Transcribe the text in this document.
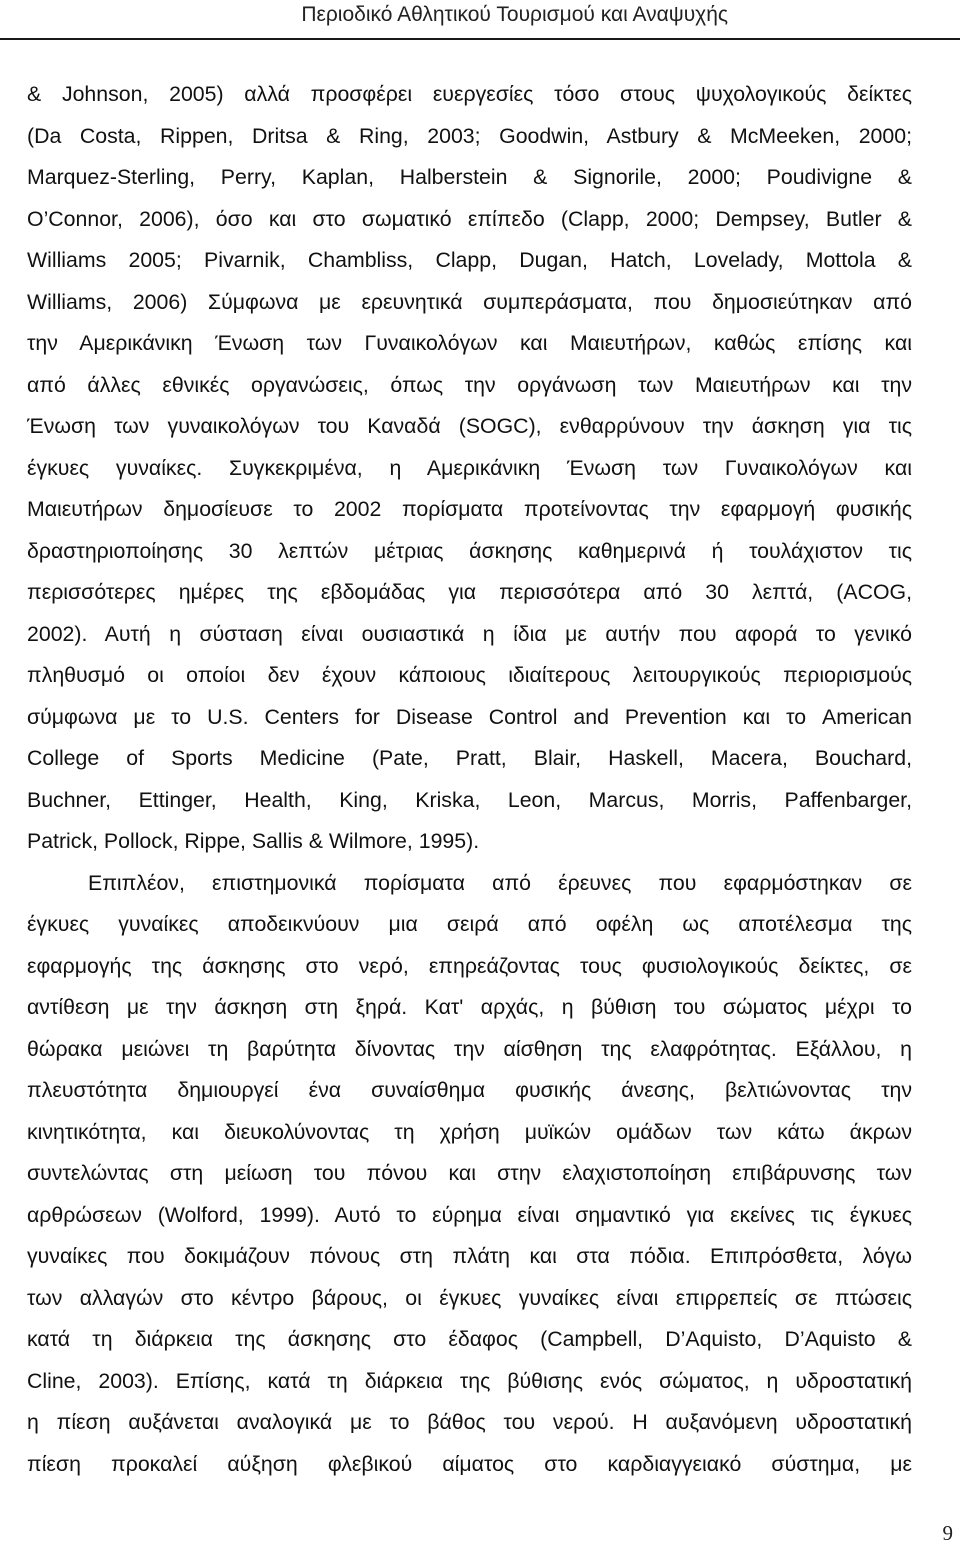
Περιοδικό Αθλητικού Τουρισμού και Αναψυχής
& Johnson, 2005) αλλά προσφέρει ευεργεσίες τόσο στους ψυχολογικούς δείκτες
(Da Costa, Rippen, Dritsa & Ring, 2003; Goodwin, Astbury & McMeeken, 2000;
Marquez-Sterling, Perry, Kaplan, Halberstein & Signorile, 2000; Poudivigne &
O’Connor, 2006), όσο και στο σωματικό επίπεδο (Clapp, 2000; Dempsey, Butler &
Williams 2005; Pivarnik, Chambliss, Clapp, Dugan, Hatch, Lovelady, Mottola &
Williams, 2006) Σύμφωνα με ερευνητικά συμπεράσματα, που δημοσιεύτηκαν από
την Αμερικάνικη Ένωση των Γυναικολόγων και Μαιευτήρων, καθώς επίσης και
από άλλες εθνικές οργανώσεις, όπως την οργάνωση των Μαιευτήρων και την
Ένωση των γυναικολόγων του Καναδά (SOGC), ενθαρρύνουν την άσκηση για τις
έγκυες γυναίκες. Συγκεκριμένα, η Αμερικάνικη Ένωση των Γυναικολόγων και
Μαιευτήρων δημοσίευσε το 2002 πορίσματα προτείνοντας την εφαρμογή φυσικής
δραστηριοποίησης 30 λεπτών μέτριας άσκησης καθημερινά ή τουλάχιστον τις
περισσότερες ημέρες της εβδομάδας για περισσότερα από 30 λεπτά, (ACOG,
2002). Αυτή η σύσταση είναι ουσιαστικά η ίδια με αυτήν που αφορά το γενικό
πληθυσμό οι οποίοι δεν έχουν κάποιους ιδιαίτερους λειτουργικούς περιορισμούς
σύμφωνα με το U.S. Centers for Disease Control and Prevention και το American
College of Sports Medicine (Pate, Pratt, Blair, Haskell, Macera, Bouchard,
Buchner, Ettinger, Health, King, Kriska, Leon, Marcus, Morris, Paffenbarger,
Patrick, Pollock, Rippe, Sallis & Wilmore, 1995).
Επιπλέον, επιστημονικά πορίσματα από έρευνες που εφαρμόστηκαν σε
έγκυες γυναίκες αποδεικνύουν μια σειρά από οφέλη ως αποτέλεσμα της
εφαρμογής της άσκησης στο νερό, επηρεάζοντας τους φυσιολογικούς δείκτες, σε
αντίθεση με την άσκηση στη ξηρά. Κατ' αρχάς, η βύθιση του σώματος μέχρι το
θώρακα μειώνει τη βαρύτητα δίνοντας την αίσθηση της ελαφρότητας. Εξάλλου, η
πλευστότητα δημιουργεί ένα συναίσθημα φυσικής άνεσης, βελτιώνοντας την
κινητικότητα, και διευκολύνοντας τη χρήση μυϊκών ομάδων των κάτω άκρων
συντελώντας στη μείωση του πόνου και στην ελαχιστοποίηση επιβάρυνσης των
αρθρώσεων (Wolford, 1999). Αυτό το εύρημα είναι σημαντικό για εκείνες τις έγκυες
γυναίκες που δοκιμάζουν πόνους στη πλάτη και στα πόδια. Επιπρόσθετα, λόγω
των αλλαγών στο κέντρο βάρους, οι έγκυες γυναίκες είναι επιρρεπείς σε πτώσεις
κατά τη διάρκεια της άσκησης στο έδαφος (Campbell, D’Aquisto, D’Aquisto &
Cline, 2003). Επίσης, κατά τη διάρκεια της βύθισης ενός σώματος, η υδροστατική
η πίεση αυξάνεται αναλογικά με το βάθος του νερού. Η αυξανόμενη υδροστατική
πίεση προκαλεί αύξηση φλεβικού αίματος στο καρδιαγγειακό σύστημα, με
9
